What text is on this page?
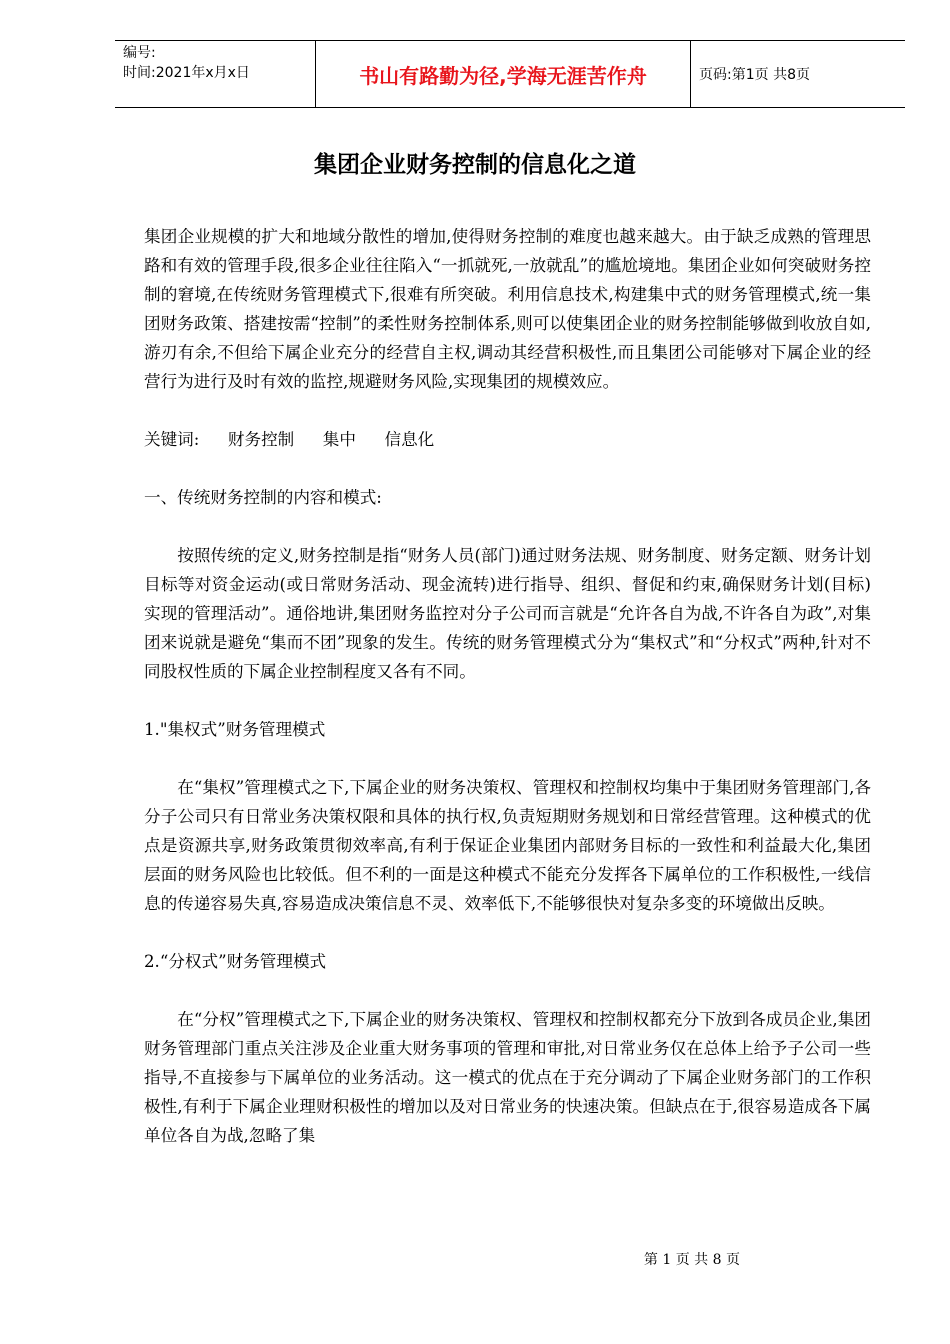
编号:
时间:2021年x月x日	书山有路勤为径,学海无涯苦作舟	页码:第1页 共8页
集团企业财务控制的信息化之道

集团企业规模的扩大和地域分散性的增加,使得财务控制的难度也越来越大。由于缺乏成熟的管理思路和有效的管理手段,很多企业往往陷入“一抓就死,一放就乱”的尴尬境地。集团企业如何突破财务控制的窘境,在传统财务管理模式下,很难有所突破。利用信息技术,构建集中式的财务管理模式,统一集团财务政策、搭建按需“控制”的柔性财务控制体系,则可以使集团企业的财务控制能够做到收放自如,游刃有余,不但给下属企业充分的经营自主权,调动其经营积极性,而且集团公司能够对下属企业的经营行为进行及时有效的监控,规避财务风险,实现集团的规模效应。

关键词: 财务控制 集中 信息化

一、传统财务控制的内容和模式:

按照传统的定义,财务控制是指“财务人员(部门)通过财务法规、财务制度、财务定额、财务计划目标等对资金运动(或日常财务活动、现金流转)进行指导、组织、督促和约束,确保财务计划(目标)实现的管理活动”。通俗地讲,集团财务监控对分子公司而言就是“允许各自为战,不许各自为政”,对集团来说就是避免“集而不团”现象的发生。传统的财务管理模式分为“集权式”和“分权式”两种,针对不同股权性质的下属企业控制程度又各有不同。

1."集权式”财务管理模式

在“集权”管理模式之下,下属企业的财务决策权、管理权和控制权均集中于集团财务管理部门,各分子公司只有日常业务决策权限和具体的执行权,负责短期财务规划和日常经营管理。这种模式的优点是资源共享,财务政策贯彻效率高,有利于保证企业集团内部财务目标的一致性和利益最大化,集团层面的财务风险也比较低。但不利的一面是这种模式不能充分发挥各下属单位的工作积极性,一线信息的传递容易失真,容易造成决策信息不灵、效率低下,不能够很快对复杂多变的环境做出反映。

2.“分权式”财务管理模式

在“分权”管理模式之下,下属企业的财务决策权、管理权和控制权都充分下放到各成员企业,集团财务管理部门重点关注涉及企业重大财务事项的管理和审批,对日常业务仅在总体上给予子公司一些指导,不直接参与下属单位的业务活动。这一模式的优点在于充分调动了下属企业财务部门的工作积极性,有利于下属企业理财积极性的增加以及对日常业务的快速决策。但缺点在于,很容易造成各下属单位各自为战,忽略了集

第 1 页 共 8 页
